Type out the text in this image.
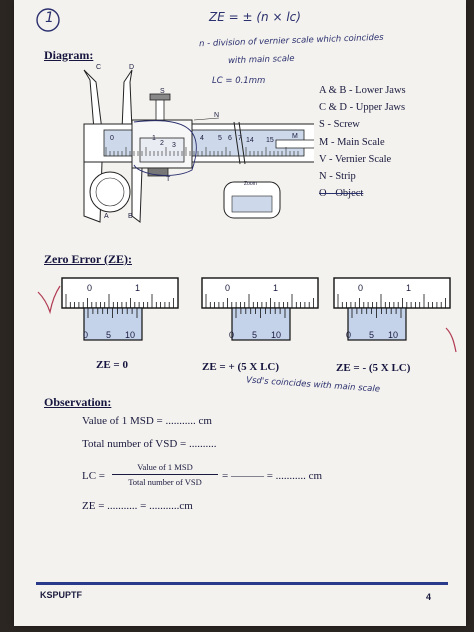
1	ZE = ± (n × lc)
n - division of vernier scale which coincides
with main scale
LC = 0.1mm
Diagram:
C	D
A	B
S
N
M
T
0	1
2 3
4 5 6 7 14 15
Zoom
A & B - Lower Jaws
C & D - Upper Jaws
S - Screw
M - Main Scale
V - Vernier Scale
N - Strip
O - Object
Zero Error (ZE):
0	1
0 5 10
0	1
0 5 10
0	1
0 5 10
ZE = 0	ZE = + (5 X LC)	ZE = - (5 X LC)
Vsd's coincides with main scale
Observation:
Value of 1 MSD = ........... cm
Total number of VSD = ..........
LC =
Value of 1 MSD
Total number of VSD	= ——— = ........... cm
ZE = ........... = ...........cm
KSPUPTF	4
